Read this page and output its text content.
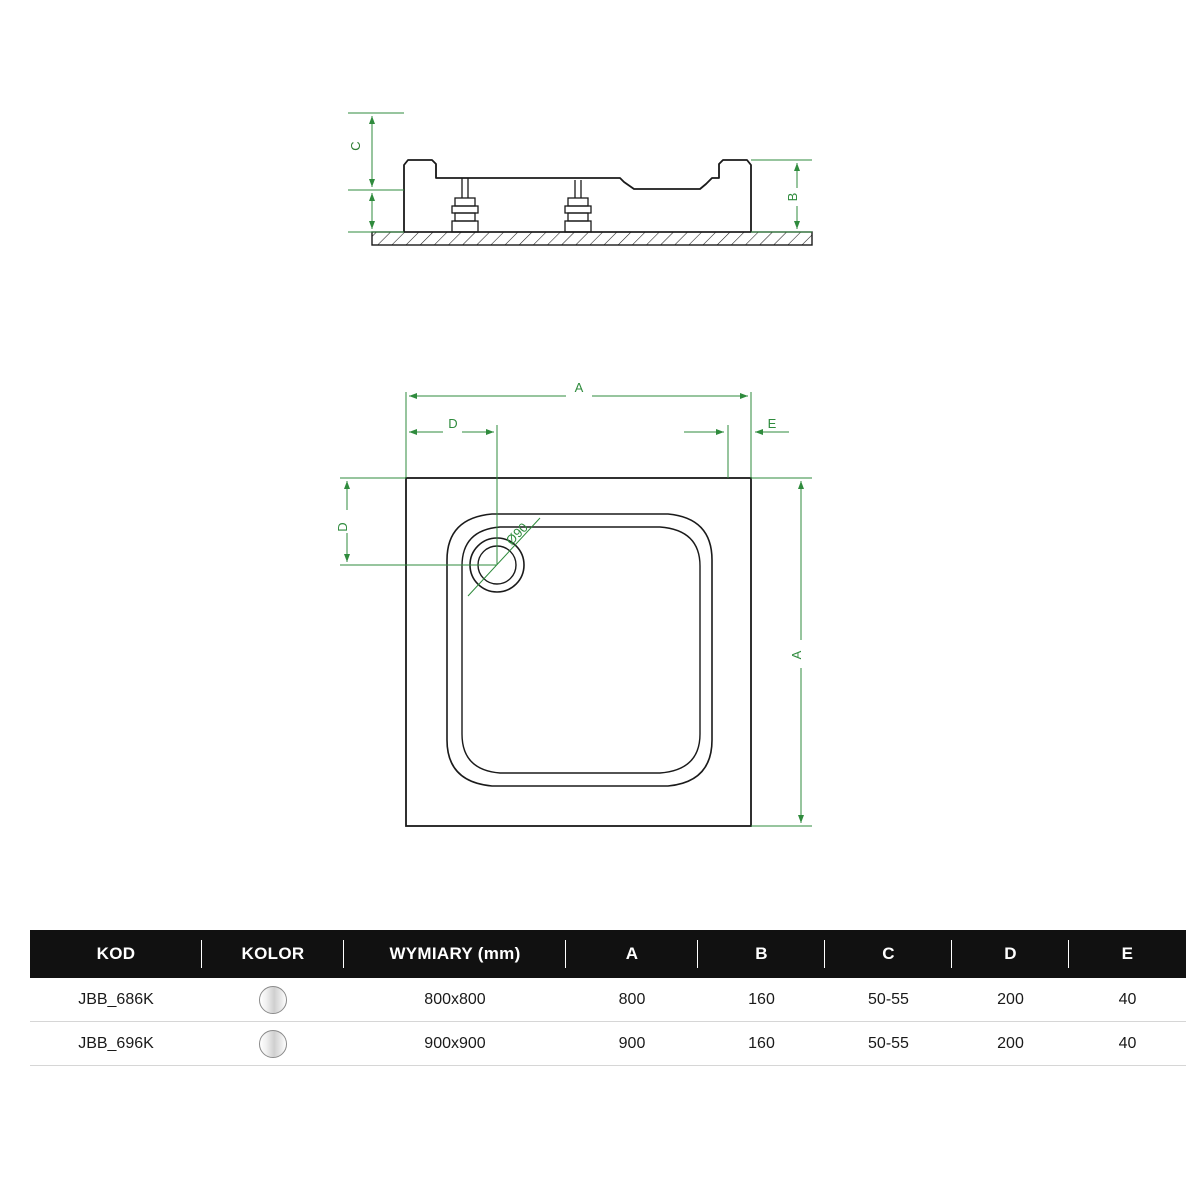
C
B
Ø90
A
D	E
D
A
KOD	KOLOR	WYMIARY (mm)	A	B	C	D	E
JBB_686K		800x800	800	160	50-55	200	40
JBB_696K		900x900	900	160	50-55	200	40
